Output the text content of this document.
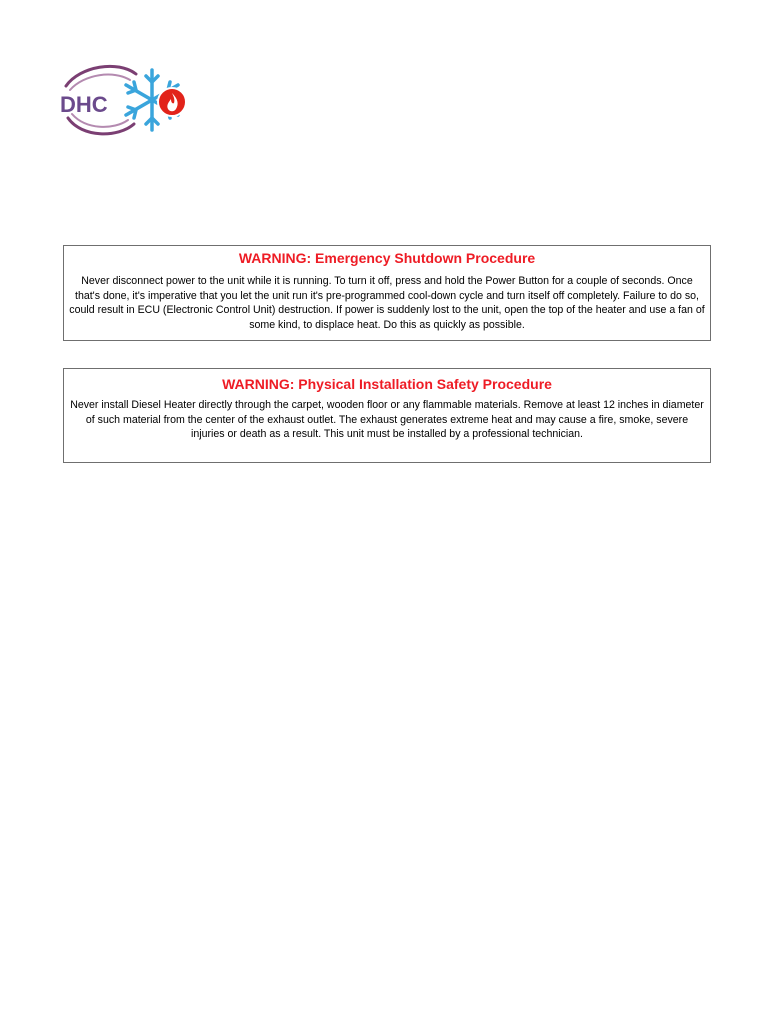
DHC

WARNING: Emergency Shutdown Procedure

Never disconnect power to the unit while it is running. To turn it off, press and hold the Power Button for a couple of seconds. Once that's done, it's imperative that you let the unit run it's pre-programmed cool-down cycle and turn itself off completely. Failure to do so, could result in ECU (Electronic Control Unit) destruction. If power is suddenly lost to the unit, open the top of the heater and use a fan of some kind, to displace heat. Do this as quickly as possible.

WARNING: Physical Installation Safety Procedure

Never install Diesel Heater directly through the carpet, wooden floor or any flammable materials. Remove at least 12 inches in diameter of such material from the center of the exhaust outlet. The exhaust generates extreme heat and may cause a fire, smoke, severe injuries or death as a result. This unit must be installed by a professional technician.
